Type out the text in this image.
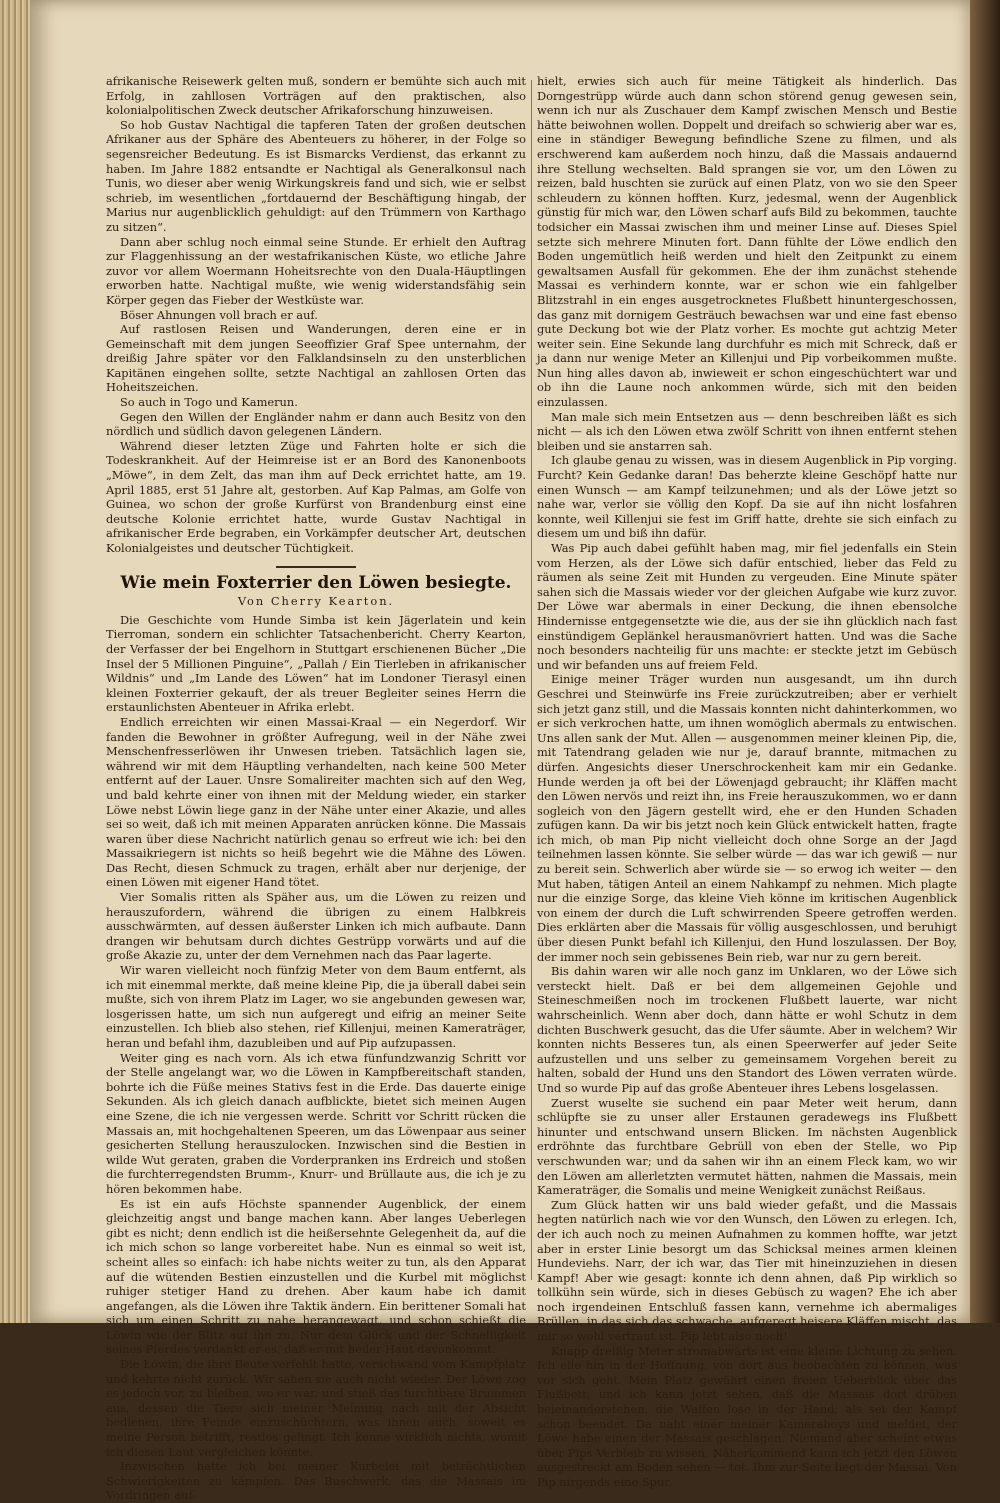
afrikanische Reisewerk gelten muß, sondern er bemühte sich auch mit Erfolg, in zahllosen Vorträgen auf den praktischen, also kolonialpolitischen Zweck deutscher Afrikaforschung hinzuweisen.

So hob Gustav Nachtigal die tapferen Taten der großen deutschen Afrikaner aus der Sphäre des Abenteuers zu höherer, in der Folge so segensreicher Bedeutung. Es ist Bismarcks Verdienst, das erkannt zu haben. Im Jahre 1882 entsandte er Nachtigal als Generalkonsul nach Tunis, wo dieser aber wenig Wirkungskreis fand und sich, wie er selbst schrieb, im wesentlichen „fortdauernd der Beschäftigung hingab, der Marius nur augenblicklich gehuldigt: auf den Trümmern von Karthago zu sitzen“.

Dann aber schlug noch einmal seine Stunde. Er erhielt den Auftrag zur Flaggenhissung an der westafrikanischen Küste, wo etliche Jahre zuvor vor allem Woermann Hoheitsrechte von den Duala-Häuptlingen erworben hatte. Nachtigal mußte, wie wenig widerstandsfähig sein Körper gegen das Fieber der Westküste war.

Böser Ahnungen voll brach er auf.

Auf rastlosen Reisen und Wanderungen, deren eine er in Gemeinschaft mit dem jungen Seeoffizier Graf Spee unternahm, der dreißig Jahre später vor den Falklandsinseln zu den unsterblichen Kapitänen eingehen sollte, setzte Nachtigal an zahllosen Orten das Hoheitszeichen.

So auch in Togo und Kamerun.

Gegen den Willen der Engländer nahm er dann auch Besitz von den nördlich und südlich davon gelegenen Ländern.

Während dieser letzten Züge und Fahrten holte er sich die Todeskrankheit. Auf der Heimreise ist er an Bord des Kanonenboots „Möwe“, in dem Zelt, das man ihm auf Deck errichtet hatte, am 19. April 1885, erst 51 Jahre alt, gestorben. Auf Kap Palmas, am Golfe von Guinea, wo schon der große Kurfürst von Brandenburg einst eine deutsche Kolonie errichtet hatte, wurde Gustav Nachtigal in afrikanischer Erde begraben, ein Vorkämpfer deutscher Art, deutschen Kolonialgeistes und deutscher Tüchtigkeit.

Wie mein Foxterrier den Löwen besiegte.
Von Cherry Kearton.

Die Geschichte vom Hunde Simba ist kein Jägerlatein und kein Tierroman, sondern ein schlichter Tatsachenbericht. Cherry Kearton, der Verfasser der bei Engelhorn in Stuttgart erschienenen Bücher „Die Insel der 5 Millionen Pinguine“, „Pallah / Ein Tierleben in afrikanischer Wildnis“ und „Im Lande des Löwen“ hat im Londoner Tierasyl einen kleinen Foxterrier gekauft, der als treuer Begleiter seines Herrn die erstaunlichsten Abenteuer in Afrika erlebt.

Endlich erreichten wir einen Massai-Kraal — ein Negerdorf. Wir fanden die Bewohner in größter Aufregung, weil in der Nähe zwei Menschenfresserlöwen ihr Unwesen trieben. Tatsächlich lagen sie, während wir mit dem Häuptling verhandelten, nach keine 500 Meter entfernt auf der Lauer. Unsre Somalireiter machten sich auf den Weg, und bald kehrte einer von ihnen mit der Meldung wieder, ein starker Löwe nebst Löwin liege ganz in der Nähe unter einer Akazie, und alles sei so weit, daß ich mit meinen Apparaten anrücken könne. Die Massais waren über diese Nachricht natürlich genau so erfreut wie ich: bei den Massaikriegern ist nichts so heiß begehrt wie die Mähne des Löwen. Das Recht, diesen Schmuck zu tragen, erhält aber nur derjenige, der einen Löwen mit eigener Hand tötet.

Vier Somalis ritten als Späher aus, um die Löwen zu reizen und herauszufordern, während die übrigen zu einem Halbkreis ausschwärmten, auf dessen äußerster Linken ich mich aufbaute. Dann drangen wir behutsam durch dichtes Gestrüpp vorwärts und auf die große Akazie zu, unter der dem Vernehmen nach das Paar lagerte.

Wir waren vielleicht noch fünfzig Meter von dem Baum entfernt, als ich mit einemmal merkte, daß meine kleine Pip, die ja überall dabei sein mußte, sich von ihrem Platz im Lager, wo sie angebunden gewesen war, losgerissen hatte, um sich nun aufgeregt und eifrig an meiner Seite einzustellen. Ich blieb also stehen, rief Killenjui, meinen Kameraträger, heran und befahl ihm, dazubleiben und auf Pip aufzupassen.

Weiter ging es nach vorn. Als ich etwa fünfundzwanzig Schritt vor der Stelle angelangt war, wo die Löwen in Kampfbereitschaft standen, bohrte ich die Füße meines Stativs fest in die Erde. Das dauerte einige Sekunden. Als ich gleich danach aufblickte, bietet sich meinen Augen eine Szene, die ich nie vergessen werde. Schritt vor Schritt rücken die Massais an, mit hochgehaltenen Speeren, um das Löwenpaar aus seiner gesicherten Stellung herauszulocken. Inzwischen sind die Bestien in wilde Wut geraten, graben die Vorderpranken ins Erdreich und stoßen die furchterregendsten Brumm-, Knurr- und Brüllaute aus, die ich je zu hören bekommen habe.

Es ist ein aufs Höchste spannender Augenblick, der einem gleichzeitig angst und bange machen kann. Aber langes Ueberlegen gibt es nicht; denn endlich ist die heißersehnte Gelegenheit da, auf die ich mich schon so lange vorbereitet habe. Nun es einmal so weit ist, scheint alles so einfach: ich habe nichts weiter zu tun, als den Apparat auf die wütenden Bestien einzustellen und die Kurbel mit möglichst ruhiger stetiger Hand zu drehen. Aber kaum habe ich damit angefangen, als die Löwen ihre Taktik ändern. Ein berittener Somali hat sich um einen Schritt zu nahe herangewagt, und schon schießt die Löwin wie der Blitz auf ihn zu. Nur dem Glück und der Schnelligkeit seines Pferdes verdankt er es, daß er mit heiler Haut davonkommt.

Die Löwin, die ihre Beute verfehlt hatte, verschwand vom Kampfplatz und kehrte nicht zurück. Wir sahen sie auch nicht wieder. Der Löwe zog es jedoch vor, zu bleiben, wo er war, und stieß das furchtbare Brummen aus, dessen die Tiere sich meiner Meinung nach mit der Absicht bedienen, ihre Feinde einzuschüchtern, was ihnen auch, soweit es meine Person betrifft, restlos gelingt. Ich kenne wirklich nichts, womit ich diesen Laut vergleichen könnte.

Inzwischen hatte ich bei meiner Kurbelei mit beträchtlichen Schwierigkeiten zu kämpfen. Das Buschwerk, das die Massais im Vordringen auf-

hielt, erwies sich auch für meine Tätigkeit als hinderlich. Das Dorngestrüpp würde auch dann schon störend genug gewesen sein, wenn ich nur als Zuschauer dem Kampf zwischen Mensch und Bestie hätte beiwohnen wollen. Doppelt und dreifach so schwierig aber war es, eine in ständiger Bewegung befindliche Szene zu filmen, und als erschwerend kam außerdem noch hinzu, daß die Massais andauernd ihre Stellung wechselten. Bald sprangen sie vor, um den Löwen zu reizen, bald huschten sie zurück auf einen Platz, von wo sie den Speer schleudern zu können hofften. Kurz, jedesmal, wenn der Augenblick günstig für mich war, den Löwen scharf aufs Bild zu bekommen, tauchte todsicher ein Massai zwischen ihm und meiner Linse auf. Dieses Spiel setzte sich mehrere Minuten fort. Dann fühlte der Löwe endlich den Boden ungemütlich heiß werden und hielt den Zeitpunkt zu einem gewaltsamen Ausfall für gekommen. Ehe der ihm zunächst stehende Massai es verhindern konnte, war er schon wie ein fahlgelber Blitzstrahl in ein enges ausgetrocknetes Flußbett hinuntergeschossen, das ganz mit dornigem Gesträuch bewachsen war und eine fast ebenso gute Deckung bot wie der Platz vorher. Es mochte gut achtzig Meter weiter sein. Eine Sekunde lang durchfuhr es mich mit Schreck, daß er ja dann nur wenige Meter an Killenjui und Pip vorbeikommen mußte. Nun hing alles davon ab, inwieweit er schon eingeschüchtert war und ob ihn die Laune noch ankommen würde, sich mit den beiden einzulassen.

Man male sich mein Entsetzen aus — denn beschreiben läßt es sich nicht — als ich den Löwen etwa zwölf Schritt von ihnen entfernt stehen bleiben und sie anstarren sah.

Ich glaube genau zu wissen, was in diesem Augenblick in Pip vorging. Furcht? Kein Gedanke daran! Das beherzte kleine Geschöpf hatte nur einen Wunsch — am Kampf teilzunehmen; und als der Löwe jetzt so nahe war, verlor sie völlig den Kopf. Da sie auf ihn nicht losfahren konnte, weil Killenjui sie fest im Griff hatte, drehte sie sich einfach zu diesem um und biß ihn dafür.

Was Pip auch dabei gefühlt haben mag, mir fiel jedenfalls ein Stein vom Herzen, als der Löwe sich dafür entschied, lieber das Feld zu räumen als seine Zeit mit Hunden zu vergeuden. Eine Minute später sahen sich die Massais wieder vor der gleichen Aufgabe wie kurz zuvor. Der Löwe war abermals in einer Deckung, die ihnen ebensolche Hindernisse entgegensetzte wie die, aus der sie ihn glücklich nach fast einstündigem Geplänkel herausmanövriert hatten. Und was die Sache noch besonders nachteilig für uns machte: er steckte jetzt im Gebüsch und wir befanden uns auf freiem Feld.

Einige meiner Träger wurden nun ausgesandt, um ihn durch Geschrei und Steinwürfe ins Freie zurückzutreiben; aber er verhielt sich jetzt ganz still, und die Massais konnten nicht dahinterkommen, wo er sich verkrochen hatte, um ihnen womöglich abermals zu entwischen. Uns allen sank der Mut. Allen — ausgenommen meiner kleinen Pip, die, mit Tatendrang geladen wie nur je, darauf brannte, mitmachen zu dürfen. Angesichts dieser Unerschrockenheit kam mir ein Gedanke. Hunde werden ja oft bei der Löwenjagd gebraucht; ihr Kläffen macht den Löwen nervös und reizt ihn, ins Freie herauszukommen, wo er dann sogleich von den Jägern gestellt wird, ehe er den Hunden Schaden zufügen kann. Da wir bis jetzt noch kein Glück entwickelt hatten, fragte ich mich, ob man Pip nicht vielleicht doch ohne Sorge an der Jagd teilnehmen lassen könnte. Sie selber würde — das war ich gewiß — nur zu bereit sein. Schwerlich aber würde sie — so erwog ich weiter — den Mut haben, tätigen Anteil an einem Nahkampf zu nehmen. Mich plagte nur die einzige Sorge, das kleine Vieh könne im kritischen Augenblick von einem der durch die Luft schwirrenden Speere getroffen werden. Dies erklärten aber die Massais für völlig ausgeschlossen, und beruhigt über diesen Punkt befahl ich Killenjui, den Hund loszulassen. Der Boy, der immer noch sein gebissenes Bein rieb, war nur zu gern bereit.

Bis dahin waren wir alle noch ganz im Unklaren, wo der Löwe sich versteckt hielt. Daß er bei dem allgemeinen Gejohle und Steineschmeißen noch im trockenen Flußbett lauerte, war nicht wahrscheinlich. Wenn aber doch, dann hätte er wohl Schutz in dem dichten Buschwerk gesucht, das die Ufer säumte. Aber in welchem? Wir konnten nichts Besseres tun, als einen Speerwerfer auf jeder Seite aufzustellen und uns selber zu gemeinsamem Vorgehen bereit zu halten, sobald der Hund uns den Standort des Löwen verraten würde. Und so wurde Pip auf das große Abenteuer ihres Lebens losgelassen.

Zuerst wuselte sie suchend ein paar Meter weit herum, dann schlüpfte sie zu unser aller Erstaunen geradewegs ins Flußbett hinunter und entschwand unsern Blicken. Im nächsten Augenblick erdröhnte das furchtbare Gebrüll von eben der Stelle, wo Pip verschwunden war; und da sahen wir ihn an einem Fleck kam, wo wir den Löwen am allerletzten vermutet hätten, nahmen die Massais, mein Kameraträger, die Somalis und meine Wenigkeit zunächst Reißaus.

Zum Glück hatten wir uns bald wieder gefaßt, und die Massais hegten natürlich nach wie vor den Wunsch, den Löwen zu erlegen. Ich, der ich auch noch zu meinen Aufnahmen zu kommen hoffte, war jetzt aber in erster Linie besorgt um das Schicksal meines armen kleinen Hundeviehs. Narr, der ich war, das Tier mit hineinzuziehen in diesen Kampf! Aber wie gesagt: konnte ich denn ahnen, daß Pip wirklich so tollkühn sein würde, sich in dieses Gebüsch zu wagen? Ehe ich aber noch irgendeinen Entschluß fassen kann, vernehme ich abermaliges Brüllen, in das sich das schwache, aufgeregt heisere Kläffen mischt, das mir so wohl vertraut ist. Pip lebt also noch!

Knapp dreißig Meter stromabwärts ist eine kleine Lichtung zu sehen. Ich eile hin in der Hoffnung, von dort aus beobachten zu können, was vor sich geht. Mein Platz gewährt einen freien Ueberblick über das Flußbett, und ich kann jetzt sehen, daß die Massais dort drüben beieinanderstehen, die Waffen lose in der Hand, als sei der Kampf schon beendet. Da naht einer meiner Kameraboys und meldet, der Löwe habe einen der Massais geschlagen. Niemand aber scheint etwas über Pips Verbleib zu wissen. Näherkommend kann ich jetzt den Löwen ausgestreckt am Boden sehen — tot. Ihm zur Seite liegt der Massai. Von Pip nirgends eine Spur.
